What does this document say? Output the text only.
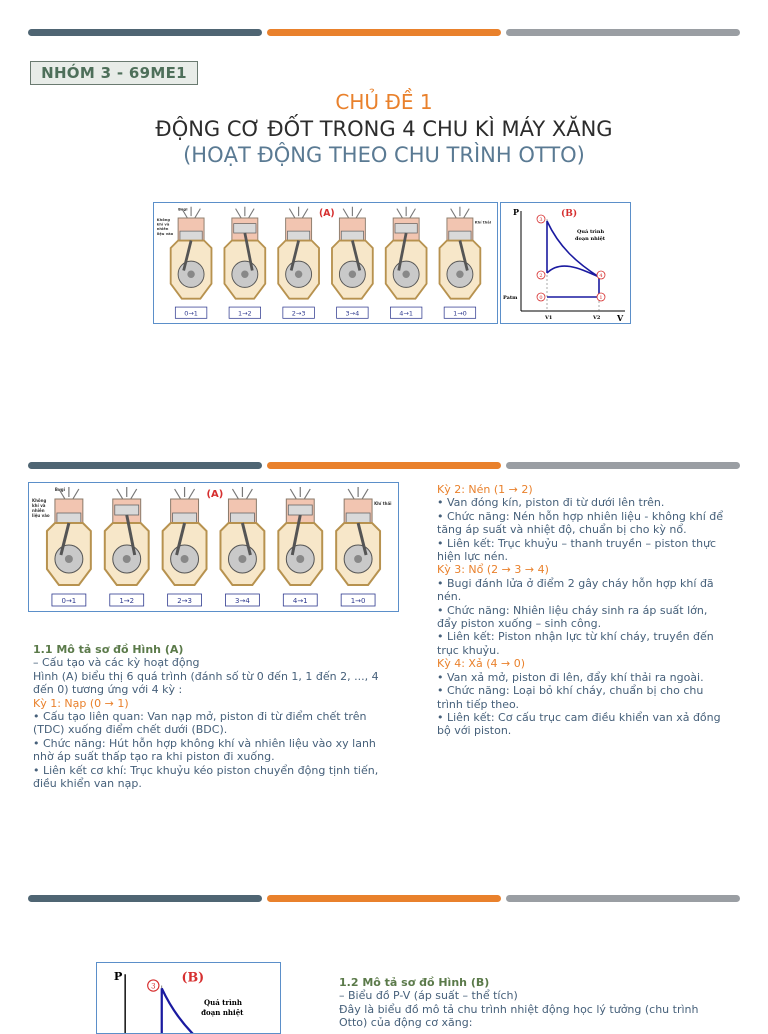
NHÓM 3 - 69ME1
CHỦ ĐỀ 1
ĐỘNG CƠ ĐỐT TRONG 4 CHU KÌ MÁY XĂNG
(HOẠT ĐỘNG THEO CHU TRÌNH OTTO)
(A)
Bugi
Không
khí và
nhiên
liệu vào
Khí thải
0→1	1→2	2→3	3→4	4→1	1→0
P
V
(B)
Quá trình
đoạn nhiệt
Patm
V1	V2
0	1
2
3
4
(A)
Bugi
Không
khí và
nhiên
liệu vào
Khí thải
0→1	1→2	2→3	3→4	4→1	1→0

1.1 Mô tả sơ đồ Hình (A)

– Cấu tạo và các kỳ hoạt động

Hình (A) biểu thị 6 quá trình (đánh số từ 0 đến 1, 1 đến 2, ..., 4

đến 0) tương ứng với 4 kỳ :

Kỳ 1: Nạp (0 → 1)

• Cấu tạo liên quan: Van nạp mở, piston đi từ điểm chết trên

(TDC) xuống điểm chết dưới (BDC).

• Chức năng: Hút hỗn hợp không khí và nhiên liệu vào xy lanh

nhờ áp suất thấp tạo ra khi piston đi xuống.

• Liên kết cơ khí: Trục khuỷu kéo piston chuyển động tịnh tiến,

điều khiển van nạp.

Kỳ 2: Nén (1 → 2)

• Van đóng kín, piston đi từ dưới lên trên.

• Chức năng: Nén hỗn hợp nhiên liệu - không khí để

tăng áp suất và nhiệt độ, chuẩn bị cho kỳ nổ.

• Liên kết: Trục khuỷu – thanh truyền – piston thực

hiện lực nén.

Kỳ 3: Nổ (2 → 3 → 4)

• Bugi đánh lửa ở điểm 2 gây cháy hỗn hợp khí đã

nén.

• Chức năng: Nhiên liệu cháy sinh ra áp suất lớn,

đẩy piston xuống – sinh công.

• Liên kết: Piston nhận lực từ khí cháy, truyền đến

trục khuỷu.

Kỳ 4: Xả (4 → 0)

• Van xả mở, piston đi lên, đẩy khí thải ra ngoài.

• Chức năng: Loại bỏ khí cháy, chuẩn bị cho chu

trình tiếp theo.

• Liên kết: Cơ cấu trục cam điều khiển van xả đồng

bộ với piston.

P	(B)
Quá trình
đoạn nhiệt
3	1.2 Mô tả sơ đồ Hình (B)

– Biểu đồ P-V (áp suất – thể tích)

Đây là biểu đồ mô tả chu trình nhiệt động học lý tưởng (chu trình

Otto) của động cơ xăng:
